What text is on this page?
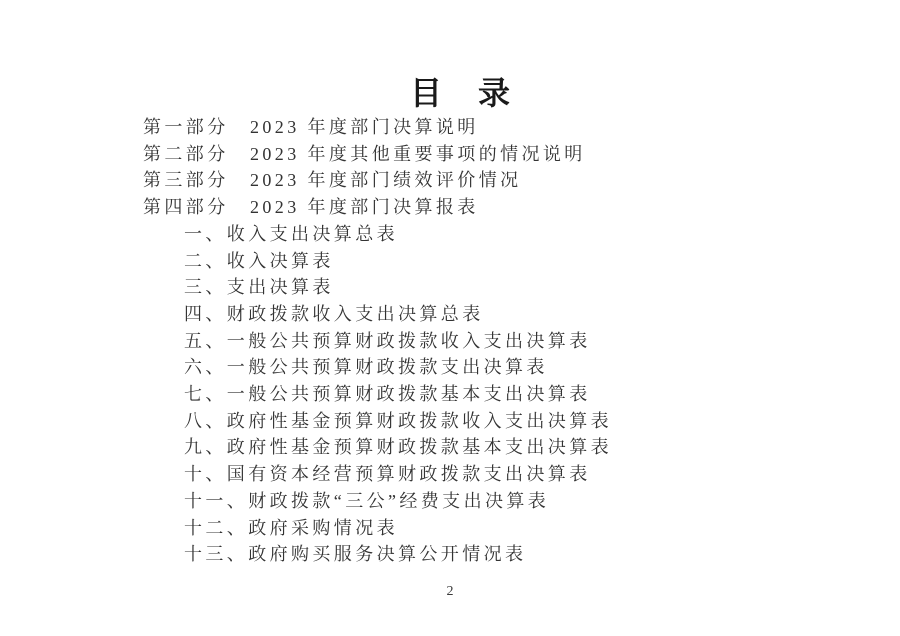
目　录
第一部分　2023 年度部门决算说明
第二部分　2023 年度其他重要事项的情况说明
第三部分　2023 年度部门绩效评价情况
第四部分　2023 年度部门决算报表
一、收入支出决算总表
二、收入决算表
三、支出决算表
四、财政拨款收入支出决算总表
五、一般公共预算财政拨款收入支出决算表
六、一般公共预算财政拨款支出决算表
七、一般公共预算财政拨款基本支出决算表
八、政府性基金预算财政拨款收入支出决算表
九、政府性基金预算财政拨款基本支出决算表
十、国有资本经营预算财政拨款支出决算表
十一、财政拨款“三公”经费支出决算表
十二、政府采购情况表
十三、政府购买服务决算公开情况表
2
